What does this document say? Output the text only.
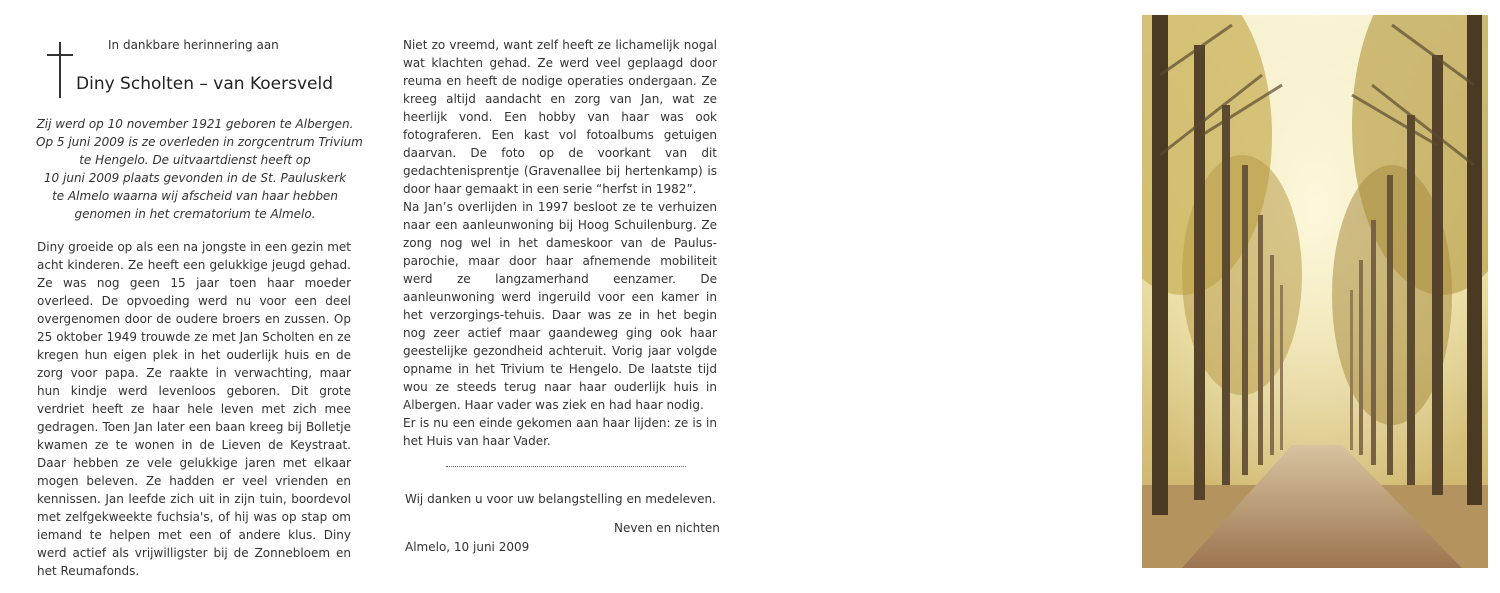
In dankbare herinnering aan
Diny Scholten – van Koersveld
Zij werd op 10 november 1921 geboren te Albergen.
Op 5 juni 2009 is ze overleden in zorgcentrum Trivium
te Hengelo. De uitvaartdienst heeft op
10 juni 2009 plaats gevonden in de St. Pauluskerk
te Almelo waarna wij afscheid van haar hebben
genomen in het crematorium te Almelo.

Diny groeide op als een na jongste in een gezin met acht kinderen. Ze heeft een gelukkige jeugd gehad. Ze was nog geen 15 jaar toen haar moeder overleed. De opvoeding werd nu voor een deel overgenomen door de oudere broers en zussen. Op 25 oktober 1949 trouwde ze met Jan Scholten en ze kregen hun eigen plek in het ouderlijk huis en de zorg voor papa. Ze raakte in verwachting, maar hun kindje werd levenloos geboren. Dit grote verdriet heeft ze haar hele leven met zich mee gedragen. Toen Jan later een baan kreeg bij Bolletje kwamen ze te wonen in de Lieven de Keystraat. Daar hebben ze vele gelukkige jaren met elkaar mogen beleven. Ze hadden er veel vrienden en kennissen. Jan leefde zich uit in zijn tuin, boordevol met zelfgekweekte fuchsia's, of hij was op stap om iemand te helpen met een of andere klus. Diny werd actief als vrijwilligster bij de Zonnebloem en het Reumafonds.

Niet zo vreemd, want zelf heeft ze lichamelijk nogal wat klachten gehad. Ze werd veel geplaagd door reuma en heeft de nodige operaties ondergaan. Ze kreeg altijd aandacht en zorg van Jan, wat ze heerlijk vond. Een hobby van haar was ook fotograferen. Een kast vol fotoalbums getuigen daarvan. De foto op de voorkant van dit gedachtenisprentje (Gravenallee bij hertenkamp) is door haar gemaakt in een serie “herfst in 1982”.

Na Jan’s overlijden in 1997 besloot ze te verhuizen naar een aanleunwoning bij Hoog Schuilenburg. Ze zong nog wel in het dameskoor van de Paulus-parochie, maar door haar afnemende mobiliteit werd ze langzamerhand eenzamer. De aanleunwoning werd ingeruild voor een kamer in het verzorgings-tehuis. Daar was ze in het begin nog zeer actief maar gaandeweg ging ook haar geestelijke gezondheid achteruit. Vorig jaar volgde opname in het Trivium te Hengelo. De laatste tijd wou ze steeds terug naar haar ouderlijk huis in Albergen. Haar vader was ziek en had haar nodig.

Er is nu een einde gekomen aan haar lijden: ze is in het Huis van haar Vader.

Wij danken u voor uw belangstelling en medeleven.
Neven en nichten
Almelo, 10 juni 2009
